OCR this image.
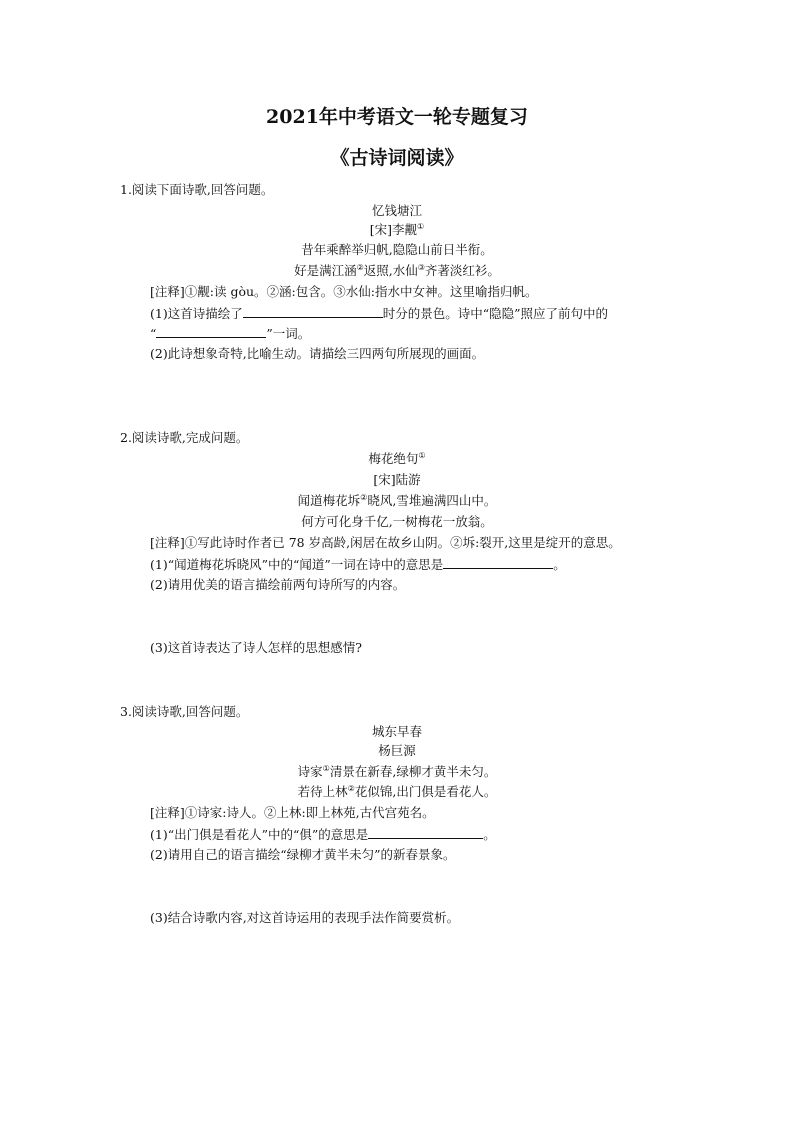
2021年中考语文一轮专题复习
《古诗词阅读》
1.阅读下面诗歌,回答问题。
忆钱塘江
[宋]李觏①
昔年乘醉举归帆,隐隐山前日半衔。
好是满江涵②返照,水仙③齐著淡红衫。
[注释]①觏:读 gòu。②涵:包含。③水仙:指水中女神。这里喻指归帆。
(1)这首诗描绘了	时分的景色。诗中“隐隐”照应了前句中的
“	”一词。
(2)此诗想象奇特,比喻生动。请描绘三四两句所展现的画面。
2.阅读诗歌,完成问题。
梅花绝句①
[宋]陆游
闻道梅花坼②晓风,雪堆遍满四山中。
何方可化身千亿,一树梅花一放翁。
[注释]①写此诗时作者已 78 岁高龄,闲居在故乡山阴。②坼:裂开,这里是绽开的意思。
(1)“闻道梅花坼晓风”中的“闻道”一词在诗中的意思是	。
(2)请用优美的语言描绘前两句诗所写的内容。
(3)这首诗表达了诗人怎样的思想感情?
3.阅读诗歌,回答问题。
城东早春
杨巨源
诗家①清景在新春,绿柳才黄半未匀。
若待上林②花似锦,出门俱是看花人。
[注释]①诗家:诗人。②上林:即上林苑,古代宫苑名。
(1)“出门俱是看花人”中的“俱”的意思是	。
(2)请用自己的语言描绘“绿柳才黄半未匀”的新春景象。
(3)结合诗歌内容,对这首诗运用的表现手法作简要赏析。
